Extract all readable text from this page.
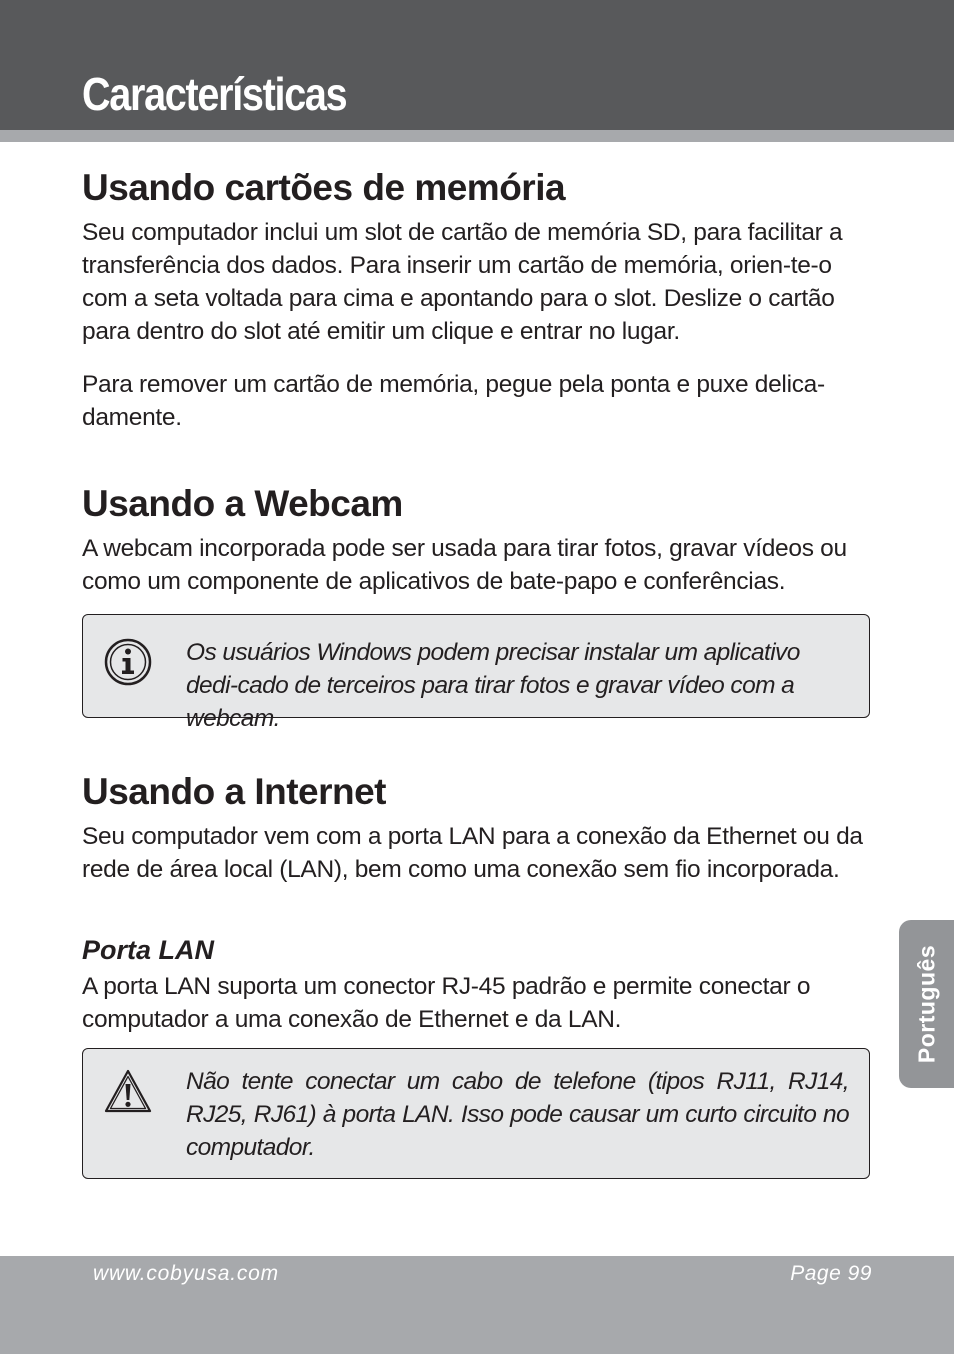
Características
Usando cartões de memória

Seu computador inclui um slot de cartão de memória SD, para facilitar a transferência dos dados. Para inserir um cartão de memória, orien-te-o com a seta voltada para cima e apontando para o slot. Deslize o cartão para dentro do slot até emitir um clique e entrar no lugar.

Para remover um cartão de memória, pegue pela ponta e puxe delica-damente.

Usando a Webcam

A webcam incorporada pode ser usada para tirar fotos, gravar vídeos ou como um componente de aplicativos de bate-papo e conferências.

Os usuários Windows podem precisar instalar um aplicativo dedi-cado de terceiros para tirar fotos e gravar vídeo com a webcam.
Usando a Internet

Seu computador vem com a porta LAN para a conexão da Ethernet ou da rede de área local (LAN), bem como uma conexão sem fio incorporada.

Porta LAN

A porta LAN suporta um conector RJ-45 padrão e permite conectar o computador a uma conexão de Ethernet e da LAN.

Não tente conectar um cabo de telefone (tipos RJ11, RJ14, RJ25, RJ61) à porta LAN. Isso pode causar um curto circuito no computador.
Português
www.cobyusa.com	Page 99
